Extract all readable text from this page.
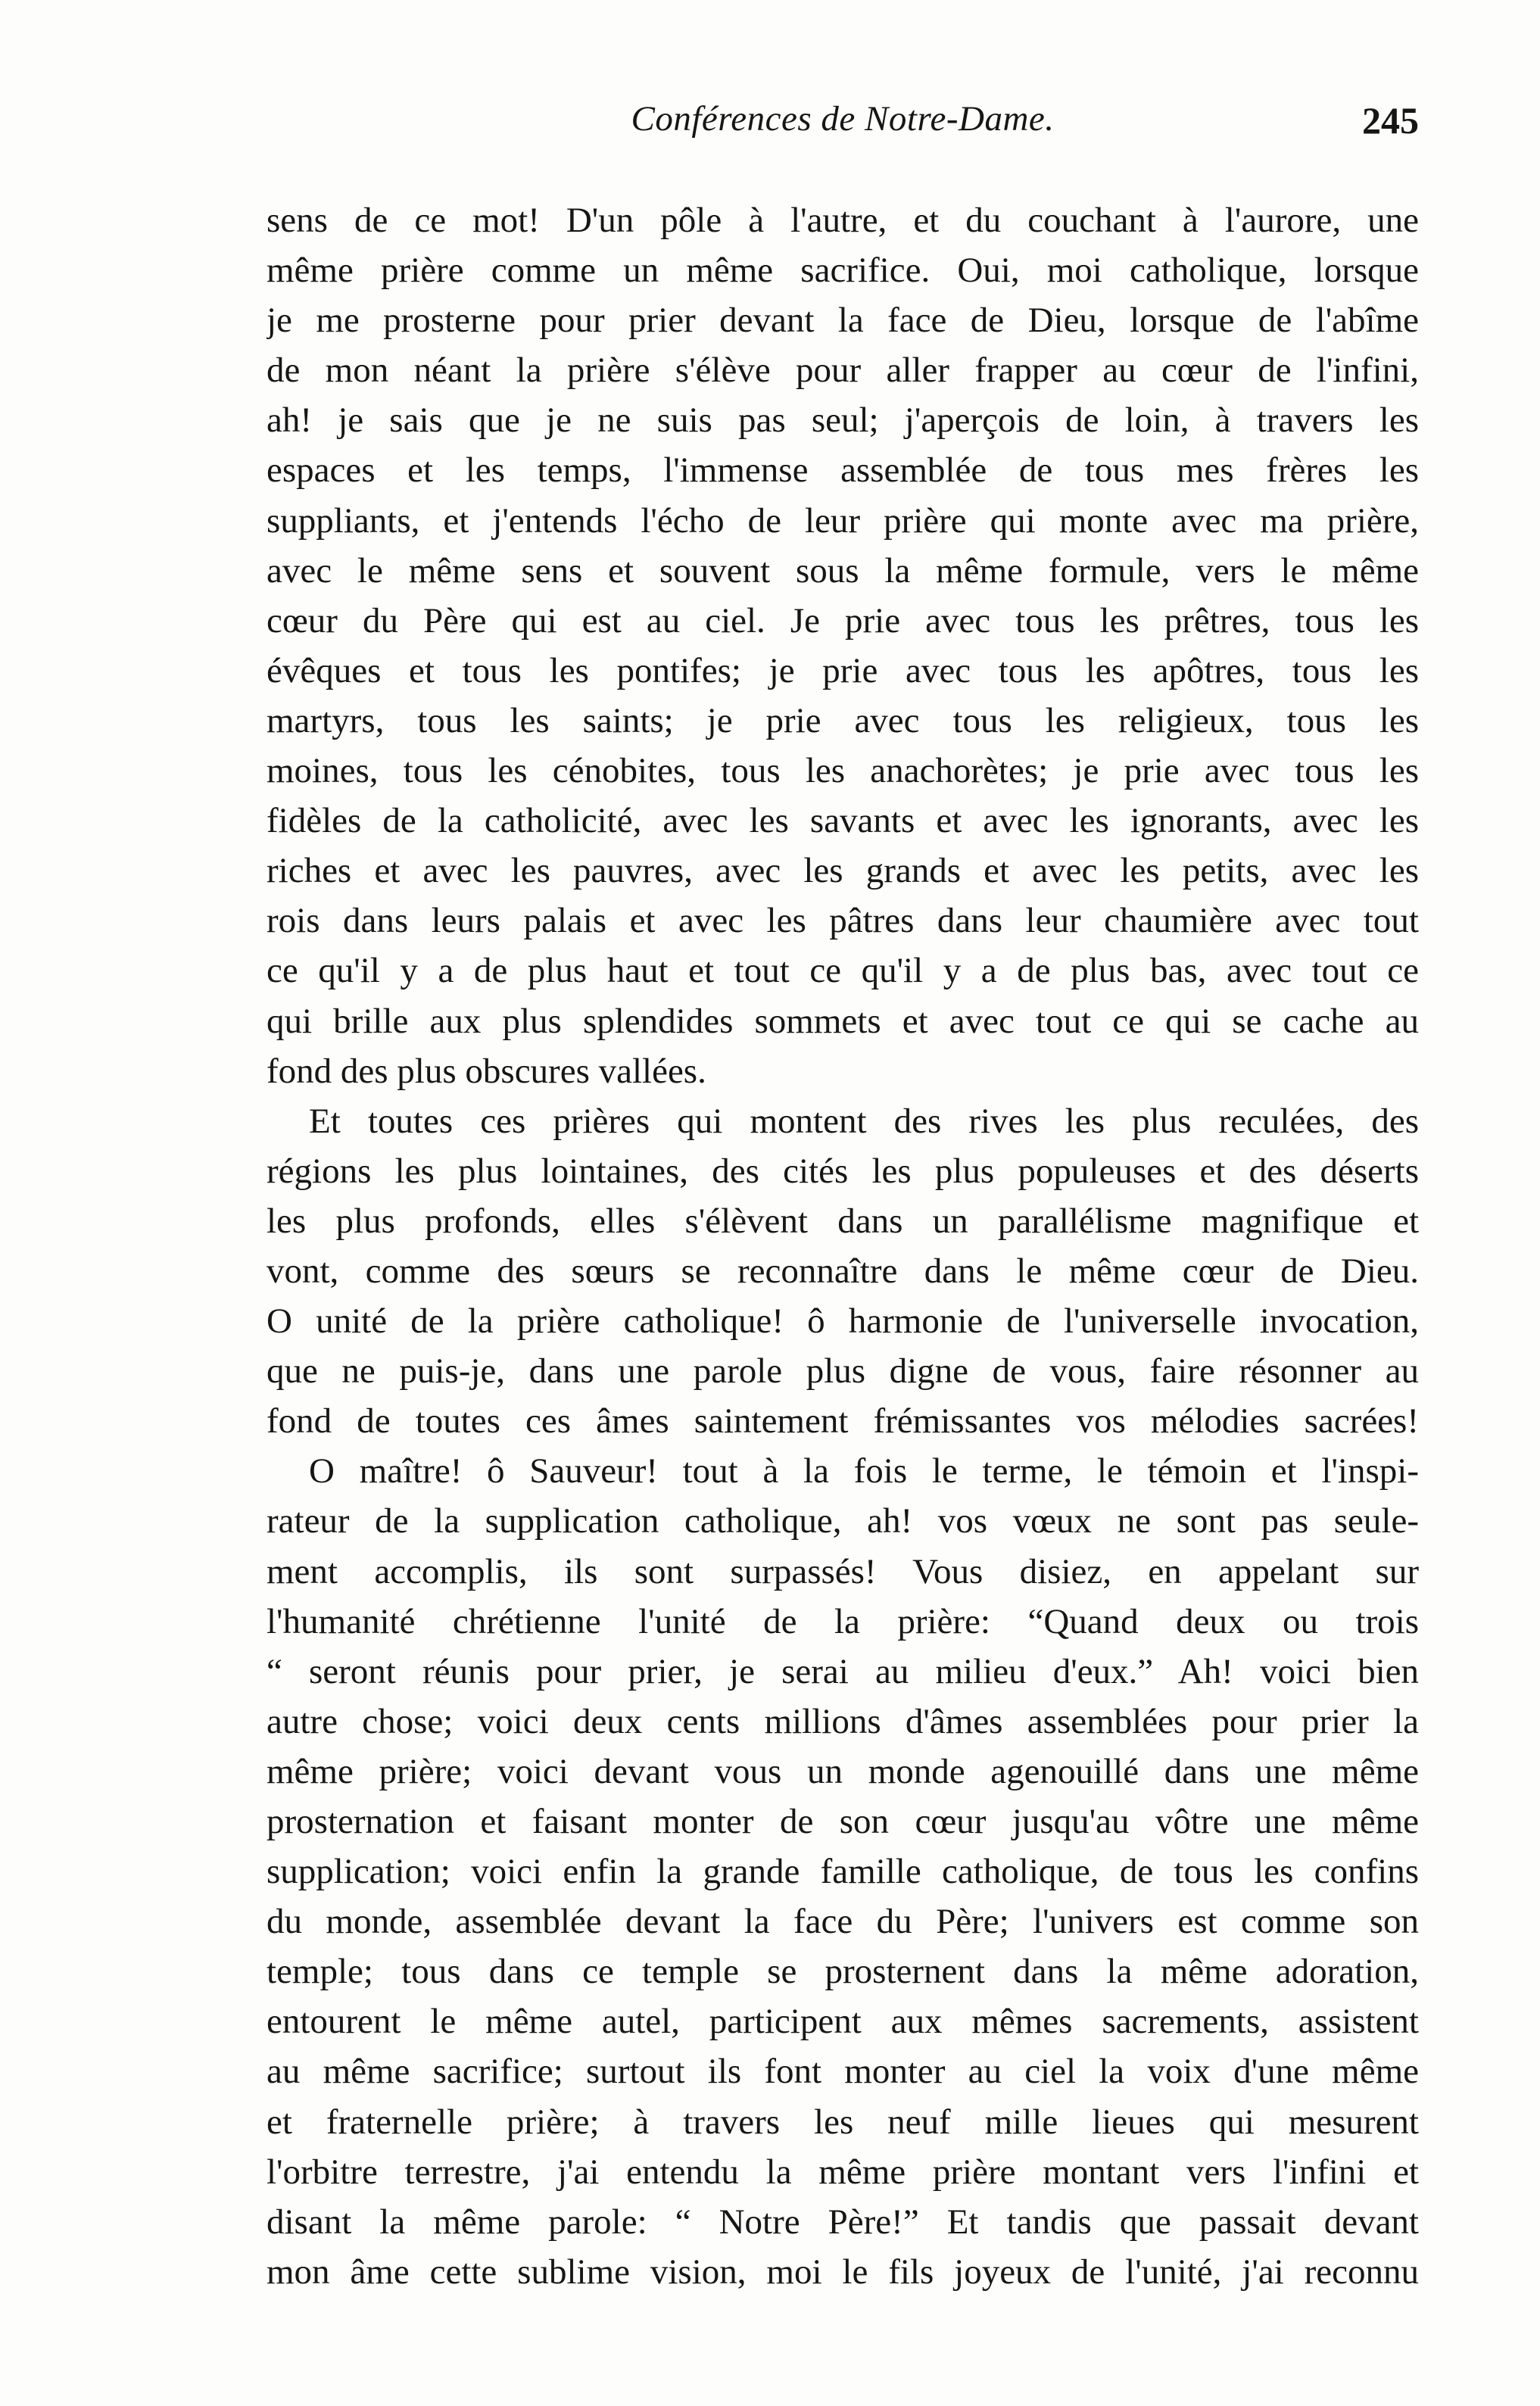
Conférences de Notre-Dame.	245
sens de ce mot! D'un pôle à l'autre, et du couchant à l'aurore, une
même prière comme un même sacrifice. Oui, moi catholique, lorsque
je me prosterne pour prier devant la face de Dieu, lorsque de l'abîme
de mon néant la prière s'élève pour aller frapper au cœur de l'infini,
ah! je sais que je ne suis pas seul; j'aperçois de loin, à travers les
espaces et les temps, l'immense assemblée de tous mes frères les
suppliants, et j'entends l'écho de leur prière qui monte avec ma prière,
avec le même sens et souvent sous la même formule, vers le même
cœur du Père qui est au ciel. Je prie avec tous les prêtres, tous les
évêques et tous les pontifes; je prie avec tous les apôtres, tous les
martyrs, tous les saints; je prie avec tous les religieux, tous les
moines, tous les cénobites, tous les anachorètes; je prie avec tous les
fidèles de la catholicité, avec les savants et avec les ignorants, avec les
riches et avec les pauvres, avec les grands et avec les petits, avec les
rois dans leurs palais et avec les pâtres dans leur chaumière avec tout
ce qu'il y a de plus haut et tout ce qu'il y a de plus bas, avec tout ce
qui brille aux plus splendides sommets et avec tout ce qui se cache au
fond des plus obscures vallées.
Et toutes ces prières qui montent des rives les plus reculées, des
régions les plus lointaines, des cités les plus populeuses et des déserts
les plus profonds, elles s'élèvent dans un parallélisme magnifique et
vont, comme des sœurs se reconnaître dans le même cœur de Dieu.
O unité de la prière catholique! ô harmonie de l'universelle invocation,
que ne puis-je, dans une parole plus digne de vous, faire résonner au
fond de toutes ces âmes saintement frémissantes vos mélodies sacrées!
O maître! ô Sauveur! tout à la fois le terme, le témoin et l'inspi-
rateur de la supplication catholique, ah! vos vœux ne sont pas seule-
ment accomplis, ils sont surpassés! Vous disiez, en appelant sur
l'humanité chrétienne l'unité de la prière: “Quand deux ou trois
“ seront réunis pour prier, je serai au milieu d'eux.” Ah! voici bien
autre chose; voici deux cents millions d'âmes assemblées pour prier la
même prière; voici devant vous un monde agenouillé dans une même
prosternation et faisant monter de son cœur jusqu'au vôtre une même
supplication; voici enfin la grande famille catholique, de tous les confins
du monde, assemblée devant la face du Père; l'univers est comme son
temple; tous dans ce temple se prosternent dans la même adoration,
entourent le même autel, participent aux mêmes sacrements, assistent
au même sacrifice; surtout ils font monter au ciel la voix d'une même
et fraternelle prière; à travers les neuf mille lieues qui mesurent
l'orbitre terrestre, j'ai entendu la même prière montant vers l'infini et
disant la même parole: “ Notre Père!” Et tandis que passait devant
mon âme cette sublime vision, moi le fils joyeux de l'unité, j'ai reconnu
